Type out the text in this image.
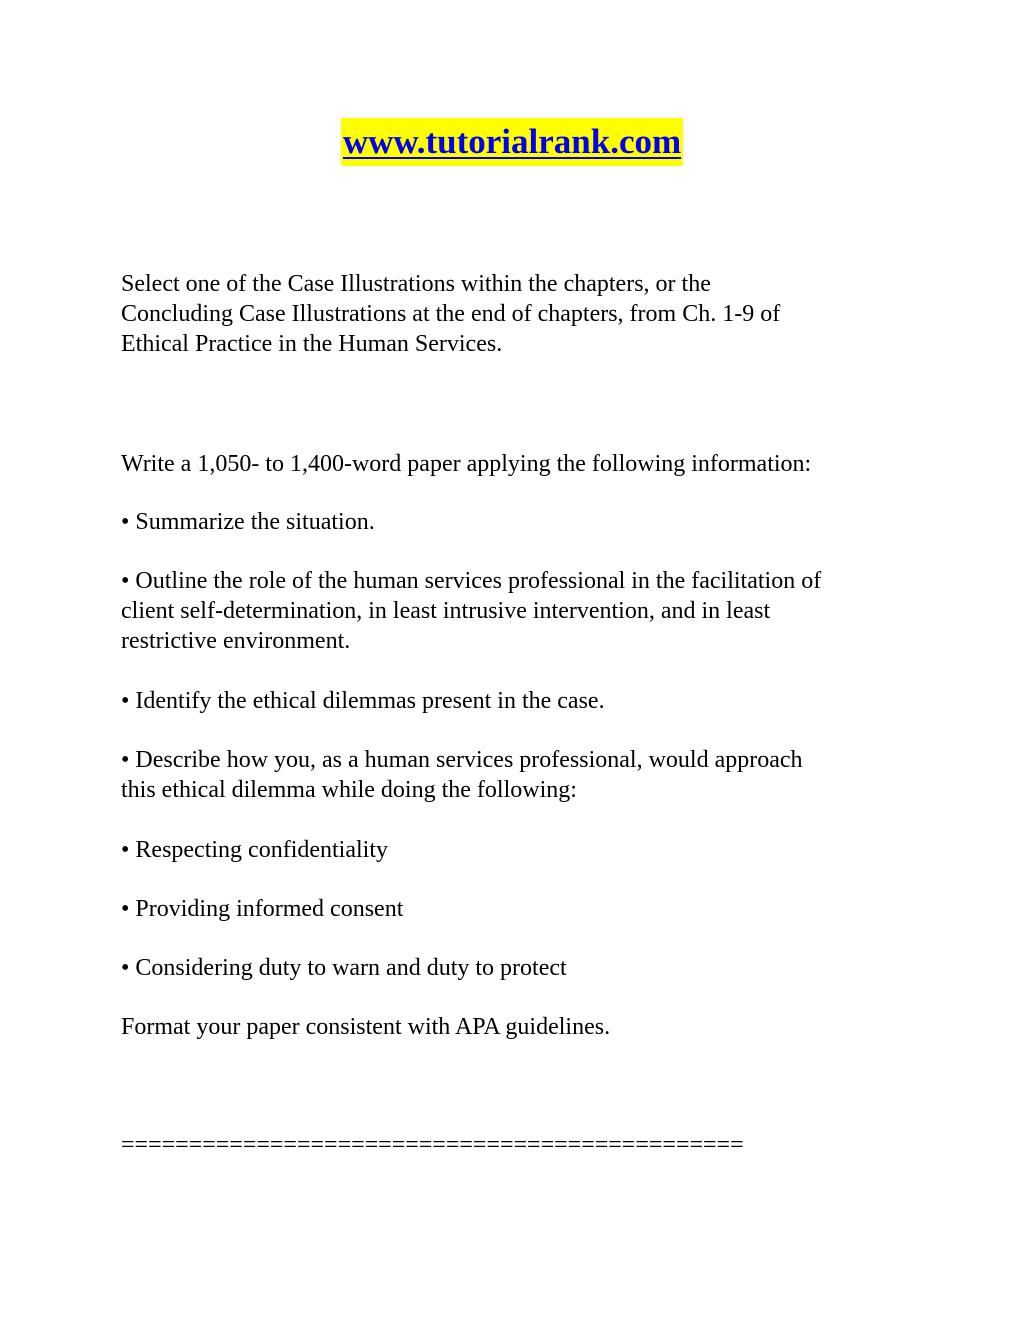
www.tutorialrank.com

Select one of the Case Illustrations within the chapters, or the
Concluding Case Illustrations at the end of chapters, from Ch. 1-9 of
Ethical Practice in the Human Services.

Write a 1,050- to 1,400-word paper applying the following information:

• Summarize the situation.

• Outline the role of the human services professional in the facilitation of
client self-determination, in least intrusive intervention, and in least
restrictive environment.

• Identify the ethical dilemmas present in the case.

• Describe how you, as a human services professional, would approach
this ethical dilemma while doing the following:

• Respecting confidentiality

• Providing informed consent

• Considering duty to warn and duty to protect

Format your paper consistent with APA guidelines.

==============================================
